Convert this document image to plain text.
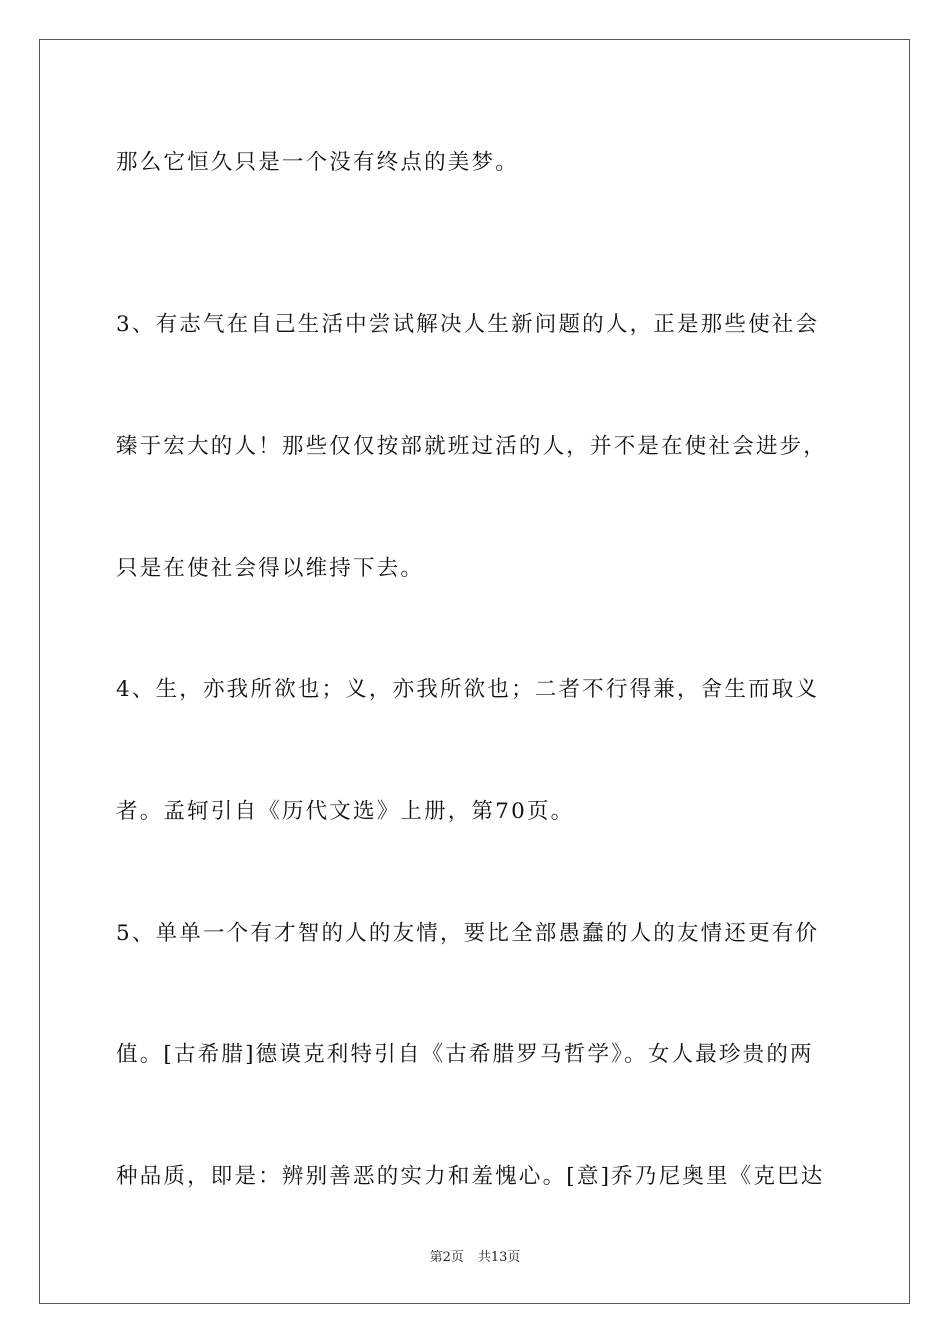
那么它恒久只是一个没有终点的美梦。

3、有志气在自己生活中尝试解决人生新问题的人，正是那些使社会

臻于宏大的人！那些仅仅按部就班过活的人，并不是在使社会进步，

只是在使社会得以维持下去。

4、生，亦我所欲也；义，亦我所欲也；二者不行得兼，舍生而取义

者。孟轲引自《历代文选》上册，第70页。

5、单单一个有才智的人的友情，要比全部愚蠢的人的友情还更有价

值。[古希腊]德谟克利特引自《古希腊罗马哲学》。女人最珍贵的两

种品质，即是：辨别善恶的实力和羞愧心。[意]乔乃尼奥里《克巴达

第2页 共13页
